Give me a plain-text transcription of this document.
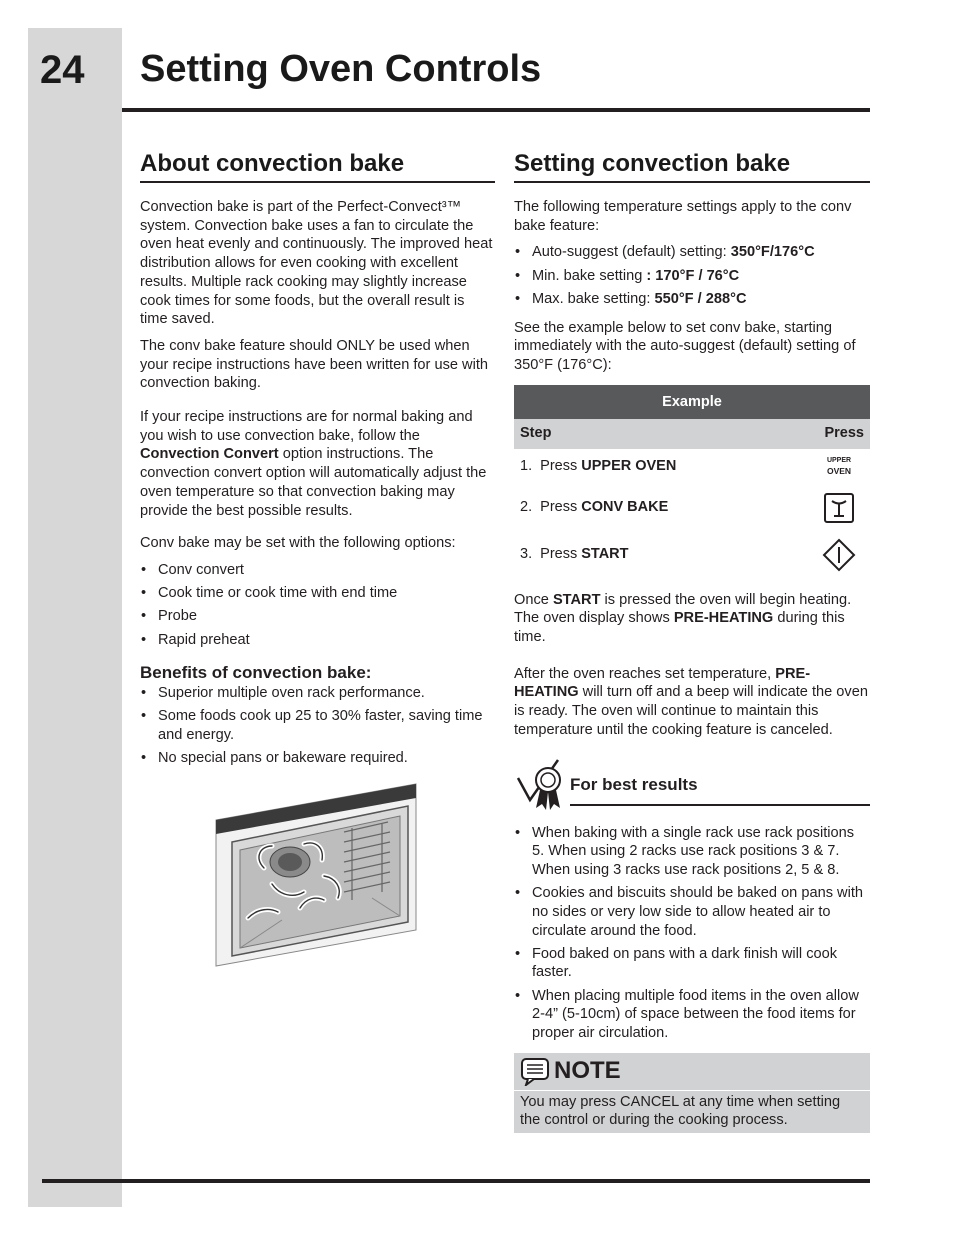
24 Setting Oven Controls
About convection bake

Convection bake is part of the Perfect-Convect³™ system. Convection bake uses a fan to circulate the oven heat evenly and continuously. The improved heat distribution allows for even cooking with excellent results. Multiple rack cooking may slightly increase cook times for some foods, but the overall result is time saved.

The conv bake feature should ONLY be used when your recipe instructions have been written for use with convection baking.

If your recipe instructions are for normal baking and you wish to use convection bake, follow the Convection Convert option instructions. The convection convert option will automatically adjust the oven temperature so that convection baking may provide the best possible results.

Conv bake may be set with the following options:

• Conv convert
• Cook time or cook time with end time
• Probe
• Rapid preheat
Benefits of convection bake:
• Superior multiple oven rack performance.
• Some foods cook up 25 to 30% faster, saving time and energy.
• No special pans or bakeware required.
Setting convection bake

The following temperature settings apply to the conv bake feature:

• Auto-suggest (default) setting: 350°F/176°C
• Min. bake setting : 170°F / 76°C
• Max. bake setting: 550°F / 288°C

See the example below to set conv bake, starting immediately with the auto-suggest (default) setting of 350°F (176°C):

Example
Step	Press
1. Press UPPER OVEN	UPPER
OVEN
2. Press CONV BAKE
3. Press START

Once START is pressed the oven will begin heating. The oven display shows PRE-HEATING during this time.

After the oven reaches set temperature, PRE-
HEATING will turn off and a beep will indicate the oven is ready. The oven will continue to maintain this temperature until the cooking feature is canceled.

For best results
• When baking with a single rack use rack positions 5. When using 2 racks use rack positions 3 & 7. When using 3 racks use rack positions 2, 5 & 8.
• Cookies and biscuits should be baked on pans with no sides or very low side to allow heated air to circulate around the food.
• Food baked on pans with a dark finish will cook faster.
• When placing multiple food items in the oven allow 2-4” (5-10cm) of space between the food items for proper air circulation.
NOTE
You may press CANCEL at any time when setting the control or during the cooking process.
